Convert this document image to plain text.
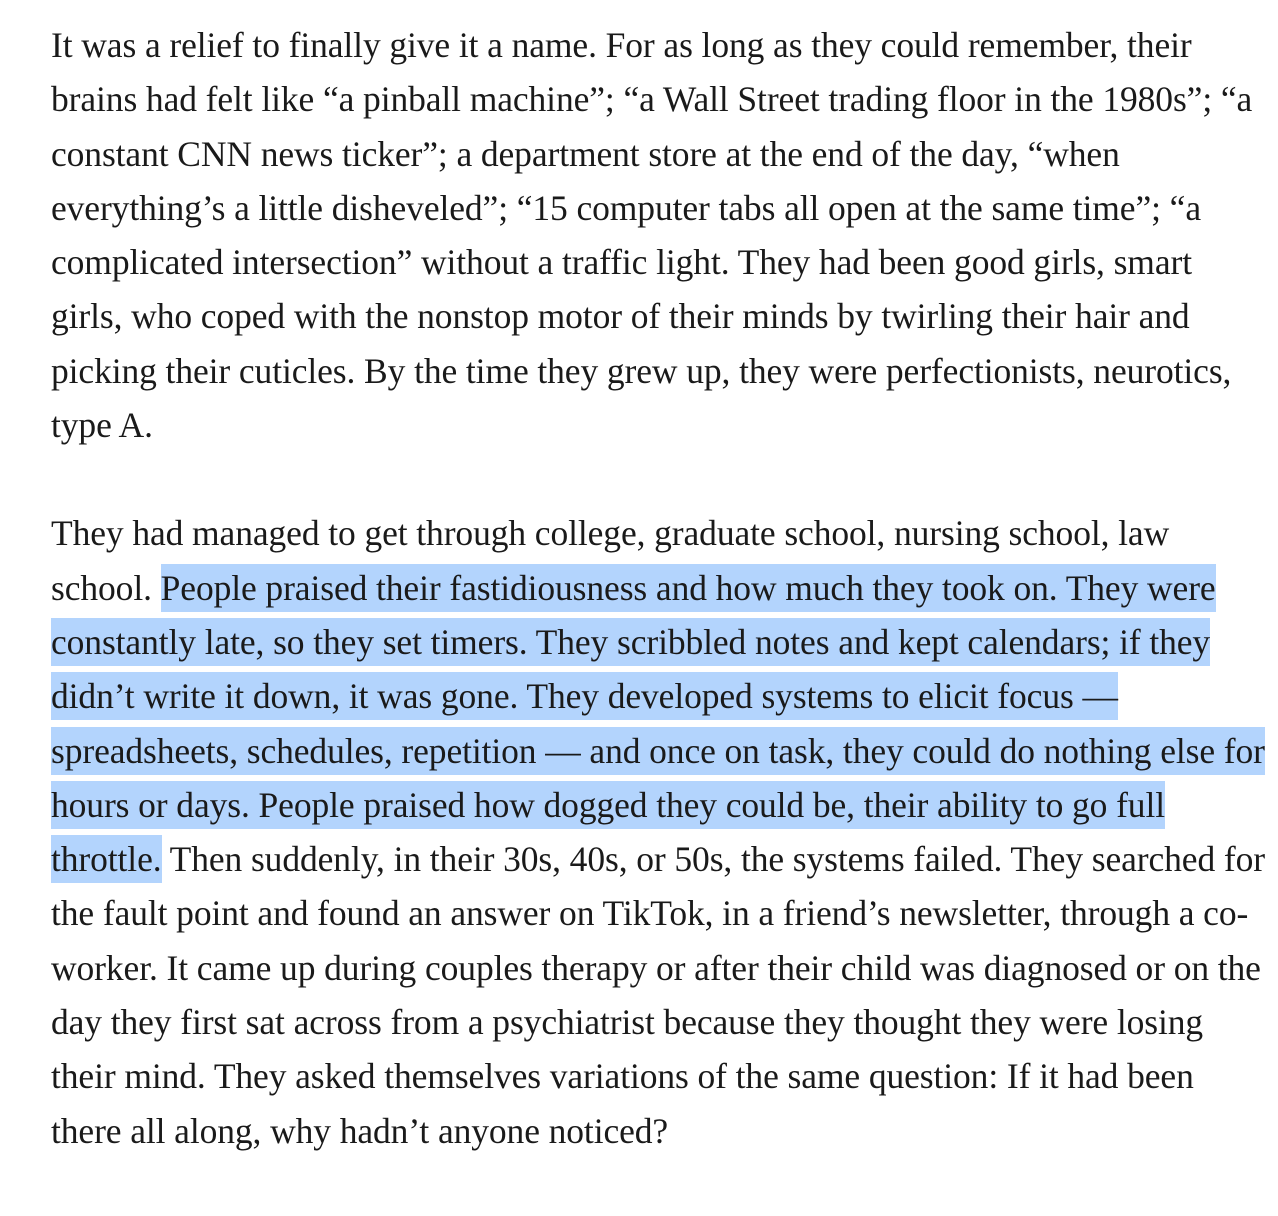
It was a relief to finally give it a name. For as long as they could remember, their brains had felt like “a pinball machine”; “a Wall Street trading floor in the 1980s”; “a constant CNN news ticker”; a department store at the end of the day, “when everything’s a little disheveled”; “15 computer tabs all open at the same time”; “a complicated intersection” without a traffic light. They had been good girls, smart girls, who coped with the nonstop motor of their minds by twirling their hair and picking their cuticles. By the time they grew up, they were perfectionists, neurotics, type A.

They had managed to get through college, graduate school, nursing school, law school. People praised their fastidiousness and how much they took on. They were constantly late, so they set timers. They scribbled notes and kept calendars; if they didn’t write it down, it was gone. They developed systems to elicit focus — spreadsheets, schedules, repetition — and once on task, they could do nothing else for hours or days. People praised how dogged they could be, their ability to go full throttle. Then suddenly, in their 30s, 40s, or 50s, the systems failed. They searched for the fault point and found an answer on TikTok, in a friend’s newsletter, through a co-worker. It came up during couples therapy or after their child was diagnosed or on the day they first sat across from a psychiatrist because they thought they were losing their mind. They asked themselves variations of the same question: If it had been there all along, why hadn’t anyone noticed?
